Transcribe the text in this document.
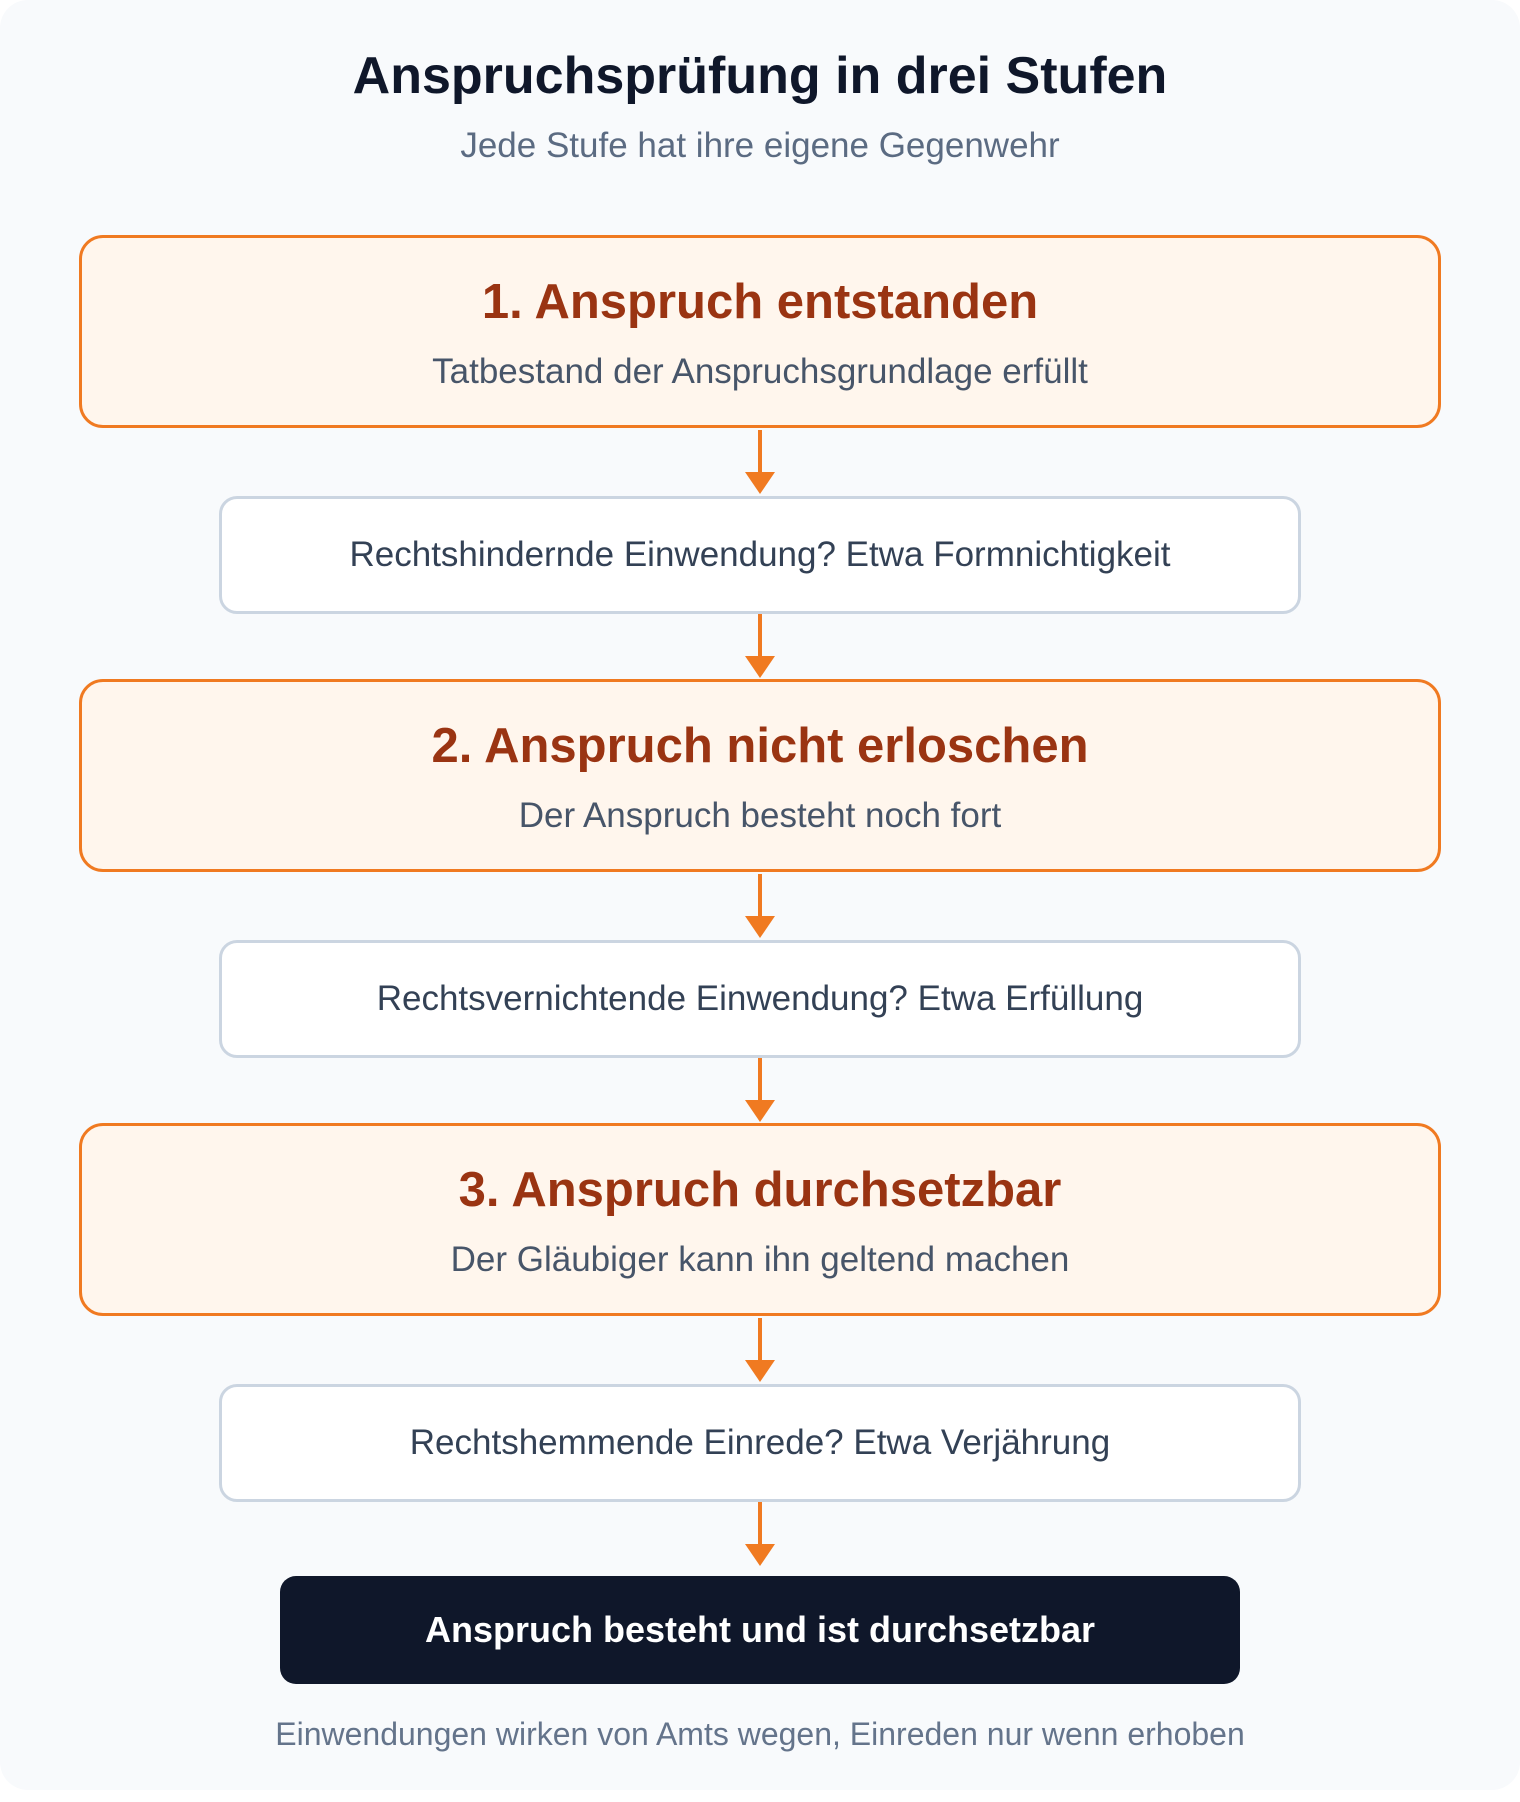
Anspruchsprüfung in drei Stufen
Jede Stufe hat ihre eigene Gegenwehr
1. Anspruch entstanden
Tatbestand der Anspruchsgrundlage erfüllt
Rechtshindernde Einwendung? Etwa Formnichtigkeit
2. Anspruch nicht erloschen
Der Anspruch besteht noch fort
Rechtsvernichtende Einwendung? Etwa Erfüllung
3. Anspruch durchsetzbar
Der Gläubiger kann ihn geltend machen
Rechtshemmende Einrede? Etwa Verjährung
Anspruch besteht und ist durchsetzbar
Einwendungen wirken von Amts wegen, Einreden nur wenn erhoben
